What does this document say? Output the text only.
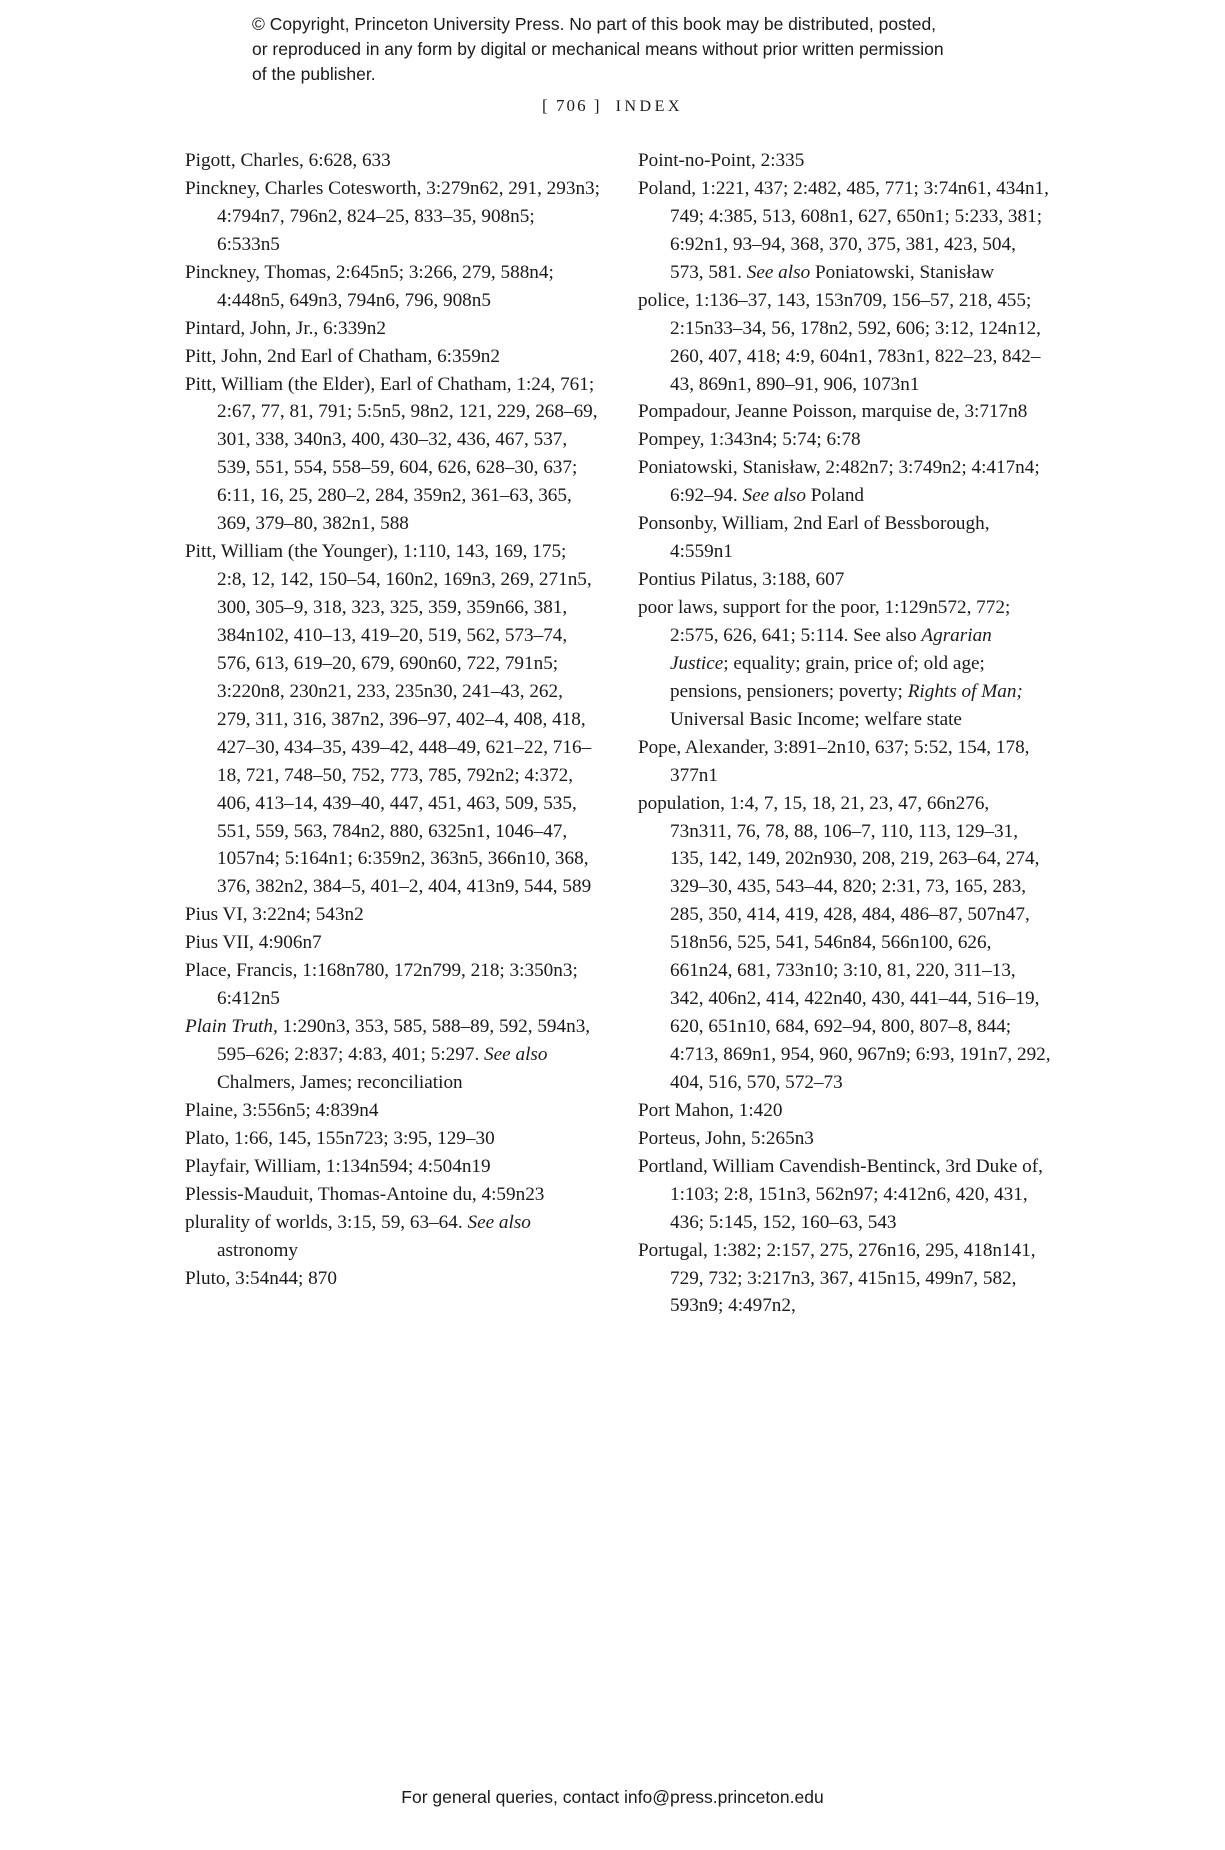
© Copyright, Princeton University Press. No part of this book may be distributed, posted, or reproduced in any form by digital or mechanical means without prior written permission of the publisher.
[ 706 ] INDEX
Pigott, Charles, 6:628, 633
Pinckney, Charles Cotesworth, 3:279n62, 291, 293n3; 4:794n7, 796n2, 824–25, 833–35, 908n5; 6:533n5
Pinckney, Thomas, 2:645n5; 3:266, 279, 588n4; 4:448n5, 649n3, 794n6, 796, 908n5
Pintard, John, Jr., 6:339n2
Pitt, John, 2nd Earl of Chatham, 6:359n2
Pitt, William (the Elder), Earl of Chatham, 1:24, 761; 2:67, 77, 81, 791; 5:5n5, 98n2, 121, 229, 268–69, 301, 338, 340n3, 400, 430–32, 436, 467, 537, 539, 551, 554, 558–59, 604, 626, 628–30, 637; 6:11, 16, 25, 280–2, 284, 359n2, 361–63, 365, 369, 379–80, 382n1, 588
Pitt, William (the Younger), 1:110, 143, 169, 175; 2:8, 12, 142, 150–54, 160n2, 169n3, 269, 271n5, 300, 305–9, 318, 323, 325, 359, 359n66, 381, 384n102, 410–13, 419–20, 519, 562, 573–74, 576, 613, 619–20, 679, 690n60, 722, 791n5; 3:220n8, 230n21, 233, 235n30, 241–43, 262, 279, 311, 316, 387n2, 396–97, 402–4, 408, 418, 427–30, 434–35, 439–42, 448–49, 621–22, 716–18, 721, 748–50, 752, 773, 785, 792n2; 4:372, 406, 413–14, 439–40, 447, 451, 463, 509, 535, 551, 559, 563, 784n2, 880, 6325n1, 1046–47, 1057n4; 5:164n1; 6:359n2, 363n5, 366n10, 368, 376, 382n2, 384–5, 401–2, 404, 413n9, 544, 589
Pius VI, 3:22n4; 543n2
Pius VII, 4:906n7
Place, Francis, 1:168n780, 172n799, 218; 3:350n3; 6:412n5
Plain Truth, 1:290n3, 353, 585, 588–89, 592, 594n3, 595–626; 2:837; 4:83, 401; 5:297. See also Chalmers, James; reconciliation
Plaine, 3:556n5; 4:839n4
Plato, 1:66, 145, 155n723; 3:95, 129–30
Playfair, William, 1:134n594; 4:504n19
Plessis-Mauduit, Thomas-Antoine du, 4:59n23
plurality of worlds, 3:15, 59, 63–64. See also astronomy
Pluto, 3:54n44; 870
Point-no-Point, 2:335
Poland, 1:221, 437; 2:482, 485, 771; 3:74n61, 434n1, 749; 4:385, 513, 608n1, 627, 650n1; 5:233, 381; 6:92n1, 93–94, 368, 370, 375, 381, 423, 504, 573, 581. See also Poniatowski, Stanisław
police, 1:136–37, 143, 153n709, 156–57, 218, 455; 2:15n33–34, 56, 178n2, 592, 606; 3:12, 124n12, 260, 407, 418; 4:9, 604n1, 783n1, 822–23, 842–43, 869n1, 890–91, 906, 1073n1
Pompadour, Jeanne Poisson, marquise de, 3:717n8
Pompey, 1:343n4; 5:74; 6:78
Poniatowski, Stanisław, 2:482n7; 3:749n2; 4:417n4; 6:92–94. See also Poland
Ponsonby, William, 2nd Earl of Bessborough, 4:559n1
Pontius Pilatus, 3:188, 607
poor laws, support for the poor, 1:129n572, 772; 2:575, 626, 641; 5:114. See also Agrarian Justice; equality; grain, price of; old age; pensions, pensioners; poverty; Rights of Man; Universal Basic Income; welfare state
Pope, Alexander, 3:891–2n10, 637; 5:52, 154, 178, 377n1
population, 1:4, 7, 15, 18, 21, 23, 47, 66n276, 73n311, 76, 78, 88, 106–7, 110, 113, 129–31, 135, 142, 149, 202n930, 208, 219, 263–64, 274, 329–30, 435, 543–44, 820; 2:31, 73, 165, 283, 285, 350, 414, 419, 428, 484, 486–87, 507n47, 518n56, 525, 541, 546n84, 566n100, 626, 661n24, 681, 733n10; 3:10, 81, 220, 311–13, 342, 406n2, 414, 422n40, 430, 441–44, 516–19, 620, 651n10, 684, 692–94, 800, 807–8, 844; 4:713, 869n1, 954, 960, 967n9; 6:93, 191n7, 292, 404, 516, 570, 572–73
Port Mahon, 1:420
Porteus, John, 5:265n3
Portland, William Cavendish-Bentinck, 3rd Duke of, 1:103; 2:8, 151n3, 562n97; 4:412n6, 420, 431, 436; 5:145, 152, 160–63, 543
Portugal, 1:382; 2:157, 275, 276n16, 295, 418n141, 729, 732; 3:217n3, 367, 415n15, 499n7, 582, 593n9; 4:497n2,
For general queries, contact info@press.princeton.edu
